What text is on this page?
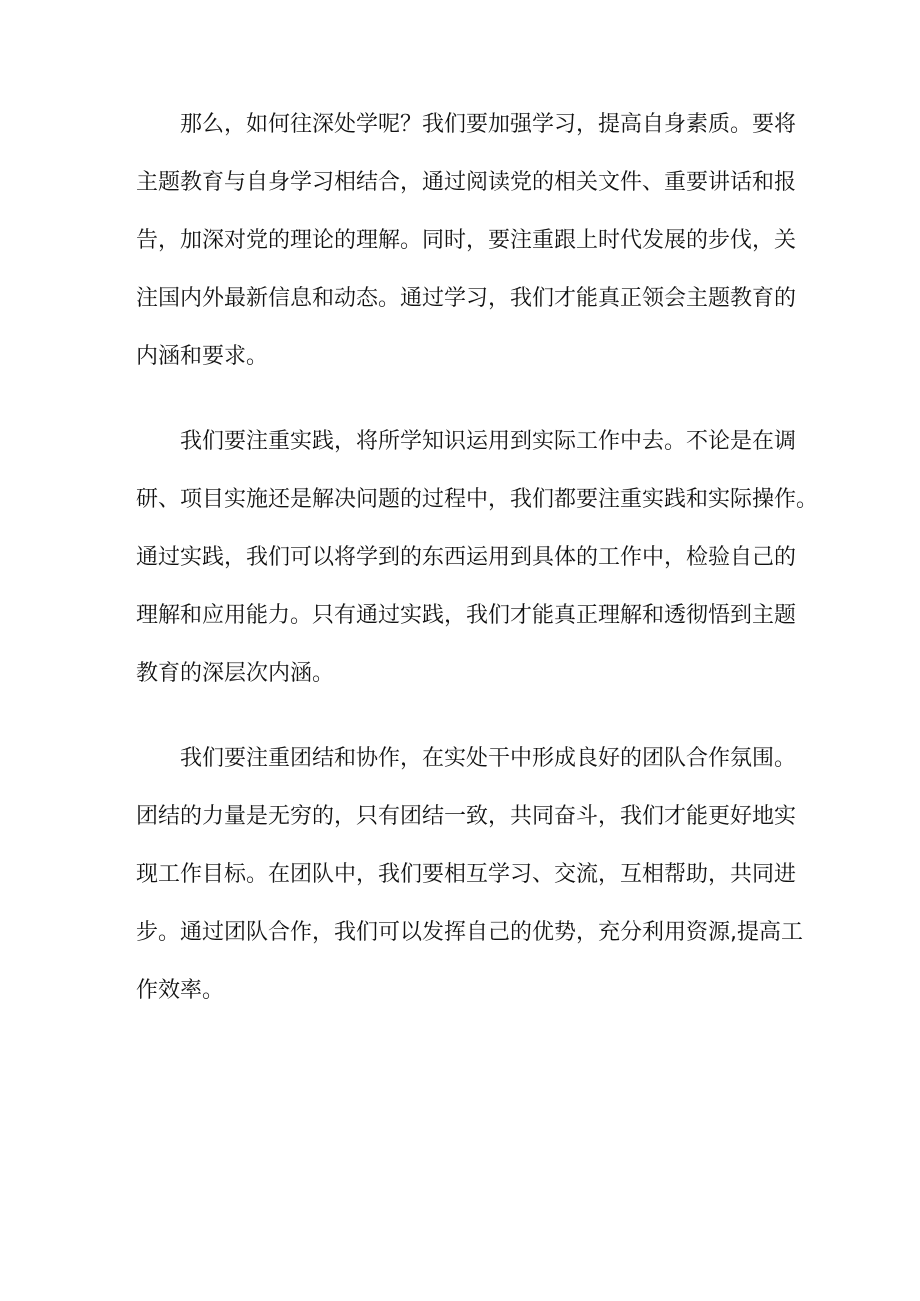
那么，如何往深处学呢？我们要加强学习，提高自身素质。要将
主题教育与自身学习相结合，通过阅读党的相关文件、重要讲话和报
告，加深对党的理论的理解。同时，要注重跟上时代发展的步伐，关
注国内外最新信息和动态。通过学习，我们才能真正领会主题教育的
内涵和要求。

我们要注重实践，将所学知识运用到实际工作中去。不论是在调
研、项目实施还是解决问题的过程中，我们都要注重实践和实际操作。
通过实践，我们可以将学到的东西运用到具体的工作中，检验自己的
理解和应用能力。只有通过实践，我们才能真正理解和透彻悟到主题
教育的深层次内涵。

我们要注重团结和协作，在实处干中形成良好的团队合作氛围。
团结的力量是无穷的，只有团结一致，共同奋斗，我们才能更好地实
现工作目标。在团队中，我们要相互学习、交流，互相帮助，共同进
步。通过团队合作，我们可以发挥自己的优势，充分利用资源,提高工
作效率。
